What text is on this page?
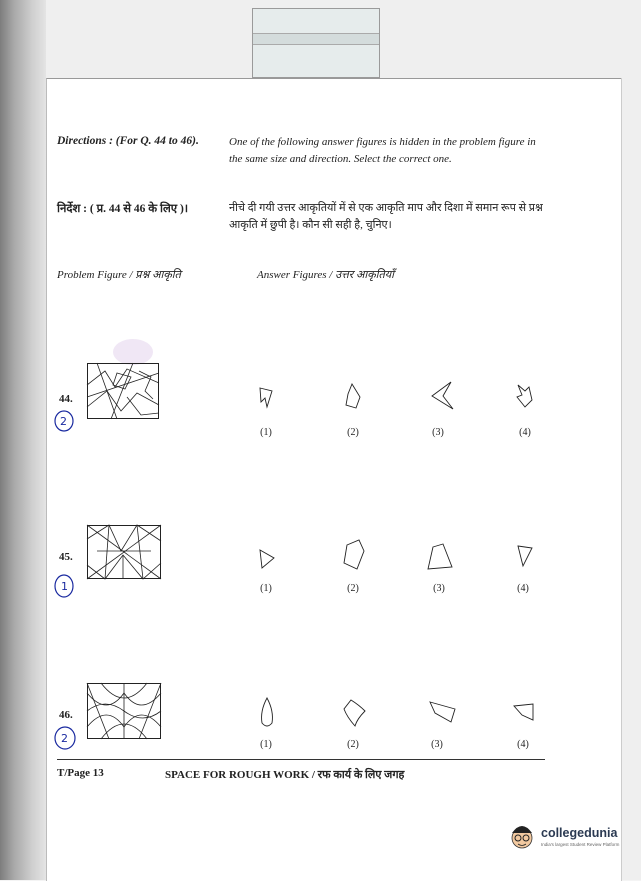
Directions : (For Q. 44 to 46).	One of the following answer figures is hidden in the problem figure in the same size and direction. Select the correct one.
निर्देश : ( प्र. 44 से 46 के लिए )।	नीचे दी गयी उत्तर आकृतियों में से एक आकृति माप और दिशा में समान रूप से प्रश्न आकृति में छुपी है। कौन सी सही है, चुनिए।
Problem Figure / प्रश्न आकृति	Answer Figures / उत्तर आकृतियाँ
44.
2
(1)	(2)	(3)	(4)
45.
1	(1)	(2)	(3)	(4)
46.
2	(1)	(2)	(3)	(4)
T/Page 13	SPACE FOR ROUGH WORK / रफ कार्य के लिए जगह
collegedunia
India's largest Student Review Platform
